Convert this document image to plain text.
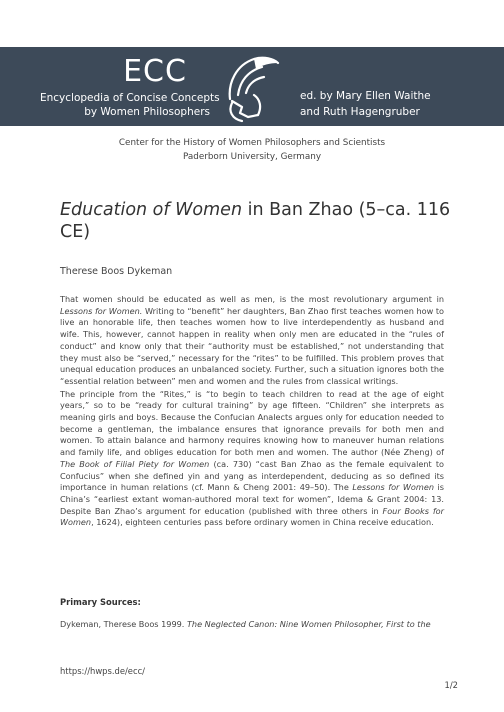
ECC
Encyclopedia of Concise Concepts
by Women Philosophers
ed. by Mary Ellen Waithe
and Ruth Hagengruber
Center for the History of Women Philosophers and Scientists
Paderborn University, Germany
Education of Women in Ban Zhao (5–ca. 116 CE)
Therese Boos Dykeman

That women should be educated as well as men, is the most revolutionary argument in Lessons for Women. Writing to “benefit” her daughters, Ban Zhao first teaches women how to live an honorable life, then teaches women how to live interdependently as husband and wife. This, however, cannot happen in reality when only men are educated in the “rules of conduct” and know only that their “authority must be established,” not understanding that they must also be “served,” necessary for the “rites” to be fulfilled. This problem proves that unequal education produces an unbalanced society. Further, such a situation ignores both the “essential relation between” men and women and the rules from classical writings.

The principle from the “Rites,” is “to begin to teach children to read at the age of eight years,” so to be “ready for cultural training” by age fifteen. “Children” she interprets as meaning girls and boys. Because the Confucian Analects argues only for education needed to become a gentleman, the imbalance ensures that ignorance prevails for both men and women. To attain balance and harmony requires knowing how to maneuver human relations and family life, and obliges education for both men and women. The author (Née Zheng) of The Book of Filial Piety for Women (ca. 730) “cast Ban Zhao as the female equivalent to Confucius” when she defined yin and yang as interdependent, deducing as so defined its importance in human relations (cf. Mann & Cheng 2001: 49–50). The Lessons for Women is China’s “earliest extant woman-authored moral text for women”, Idema & Grant 2004: 13. Despite Ban Zhao’s argument for education (published with three others in Four Books for Women, 1624), eighteen centuries pass before ordinary women in China receive education.

Primary Sources:
Dykeman, Therese Boos 1999. The Neglected Canon: Nine Women Philosopher, First to the
https://hwps.de/ecc/
1/2
